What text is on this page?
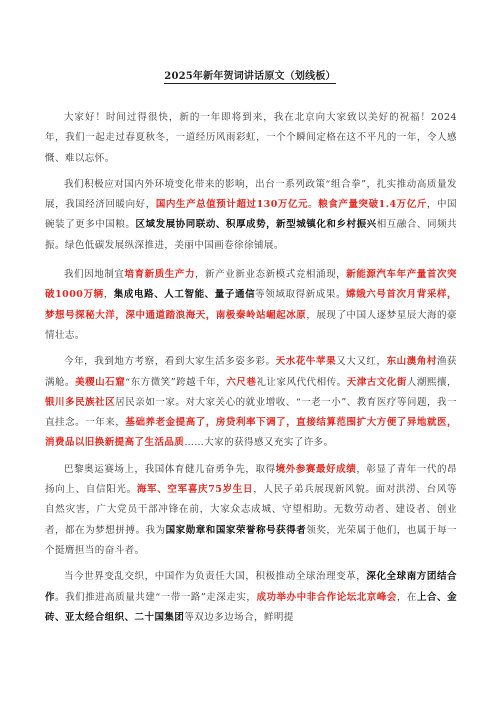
2025年新年贺词讲话原文（划线板）

大家好！时间过得很快，新的一年即将到来，我在北京向大家致以美好的祝福！2024年，我们一起走过春夏秋冬，一道经历风雨彩虹，一个个瞬间定格在这不平凡的一年，令人感慨、难以忘怀。

我们积极应对国内外环境变化带来的影响，出台一系列政策“组合拳”，扎实推动高质量发展，我国经济回暖向好，国内生产总值预计超过130万亿元。粮食产量突破1.4万亿斤，中国碗装了更多中国粮。区域发展协同联动、积厚成势，新型城镇化和乡村振兴相互融合、同频共振。绿色低碳发展纵深推进，美丽中国画卷徐徐铺展。

我们因地制宜培育新质生产力，新产业新业态新模式竞相涌现，新能源汽车年产量首次突破1000万辆，集成电路、人工智能、量子通信等领域取得新成果。嫦娥六号首次月背采样，梦想号探秘大洋，深中通道踏浪海天，南极秦岭站崛起冰原，展现了中国人逐梦星辰大海的豪情壮志。

今年，我到地方考察，看到大家生活多姿多彩。天水花牛苹果又大又红，东山澳角村渔获满舱。美稷山石窟“东方微笑”跨越千年，六尺巷礼让家风代代相传。天津古文化街人潮熙攘，银川多民族社区居民亲如一家。对大家关心的就业增收、“一老一小”、教育医疗等问题，我一直挂念。一年来，基础养老金提高了，房贷利率下调了，直接结算范围扩大方便了异地就医，消费品以旧换新提高了生活品质……大家的获得感又充实了许多。

巴黎奥运赛场上，我国体育健儿奋勇争先，取得境外参赛最好成绩，彰显了青年一代的昂扬向上、自信阳光。海军、空军喜庆75岁生日，人民子弟兵展现新风貌。面对洪涝、台风等自然灾害，广大党员干部冲锋在前，大家众志成城、守望相助。无数劳动者、建设者、创业者，都在为梦想拼搏。我为国家勋章和国家荣誉称号获得者领奖，光荣属于他们，也属于每一个挺膺担当的奋斗者。

当今世界变乱交织，中国作为负责任大国，积极推动全球治理变革，深化全球南方团结合作。我们推进高质量共建“一带一路”走深走实，成功举办中非合作论坛北京峰会，在上合、金砖、亚太经合组织、二十国集团等双边多边场合，鲜明提
